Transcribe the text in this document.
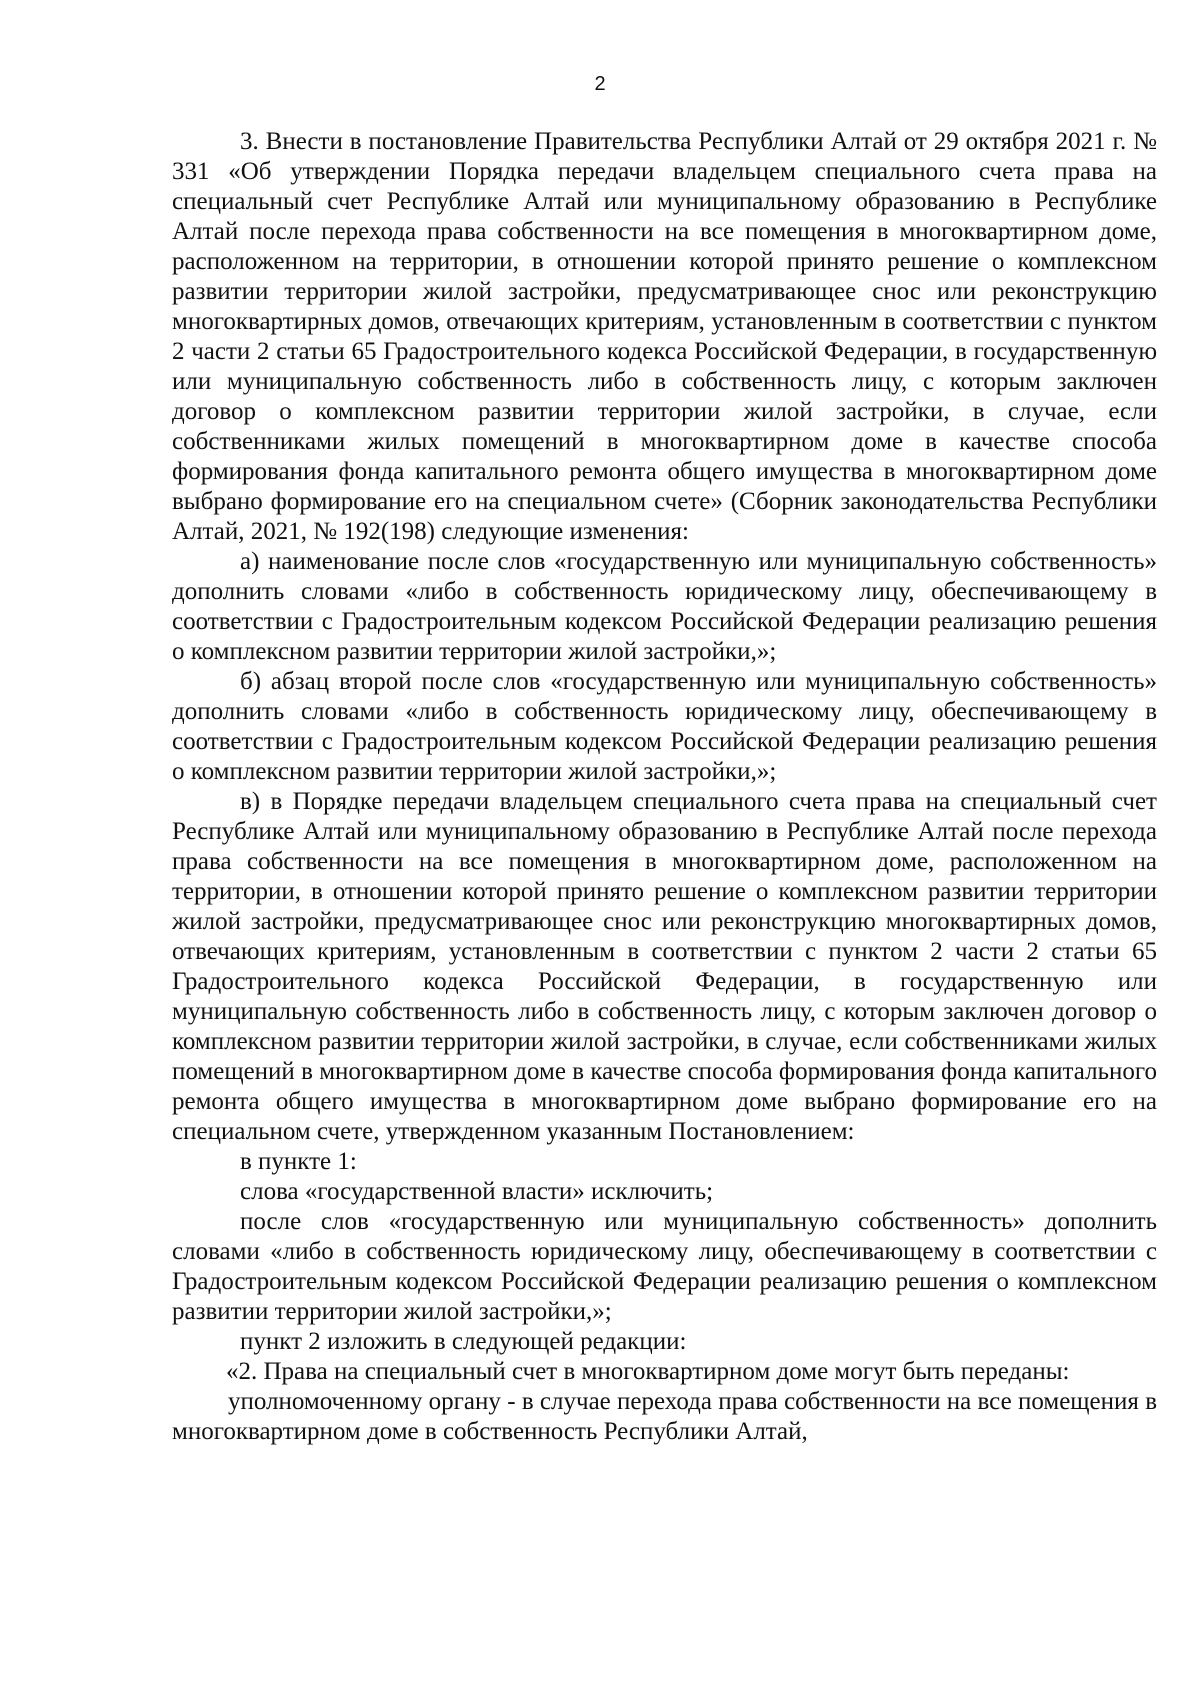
2

3. Внести в постановление Правительства Республики Алтай от 29 октября 2021 г. № 331 «Об утверждении Порядка передачи владельцем специального счета права на специальный счет Республике Алтай или муниципальному образованию в Республике Алтай после перехода права собственности на все помещения в многоквартирном доме, расположенном на территории, в отношении которой принято решение о комплексном развитии территории жилой застройки, предусматривающее снос или реконструкцию многоквартирных домов, отвечающих критериям, установленным в соответствии с пунктом 2 части 2 статьи 65 Градостроительного кодекса Российской Федерации, в государственную или муниципальную собственность либо в собственность лицу, с которым заключен договор о комплексном развитии территории жилой застройки, в случае, если собственниками жилых помещений в многоквартирном доме в качестве способа формирования фонда капитального ремонта общего имущества в многоквартирном доме выбрано формирование его на специальном счете» (Сборник законодательства Республики Алтай, 2021, № 192(198) следующие изменения:

а) наименование после слов «государственную или муниципальную собственность» дополнить словами «либо в собственность юридическому лицу, обеспечивающему в соответствии с Градостроительным кодексом Российской Федерации реализацию решения о комплексном развитии территории жилой застройки,»;

б) абзац второй после слов «государственную или муниципальную собственность» дополнить словами «либо в собственность юридическому лицу, обеспечивающему в соответствии с Градостроительным кодексом Российской Федерации реализацию решения о комплексном развитии территории жилой застройки,»;

в) в Порядке передачи владельцем специального счета права на специальный счет Республике Алтай или муниципальному образованию в Республике Алтай после перехода права собственности на все помещения в многоквартирном доме, расположенном на территории, в отношении которой принято решение о комплексном развитии территории жилой застройки, предусматривающее снос или реконструкцию многоквартирных домов, отвечающих критериям, установленным в соответствии с пунктом 2 части 2 статьи 65 Градостроительного кодекса Российской Федерации, в государственную или муниципальную собственность либо в собственность лицу, с которым заключен договор о комплексном развитии территории жилой застройки, в случае, если собственниками жилых помещений в многоквартирном доме в качестве способа формирования фонда капитального ремонта общего имущества в многоквартирном доме выбрано формирование его на специальном счете, утвержденном указанным Постановлением:

в пункте 1:

слова «государственной власти» исключить;

после слов «государственную или муниципальную собственность» дополнить словами «либо в собственность юридическому лицу, обеспечивающему в соответствии с Градостроительным кодексом Российской Федерации реализацию решения о комплексном развитии территории жилой застройки,»;

пункт 2 изложить в следующей редакции:

«2. Права на специальный счет в многоквартирном доме могут быть переданы:

уполномоченному органу - в случае перехода права собственности на все помещения в многоквартирном доме в собственность Республики Алтай,
